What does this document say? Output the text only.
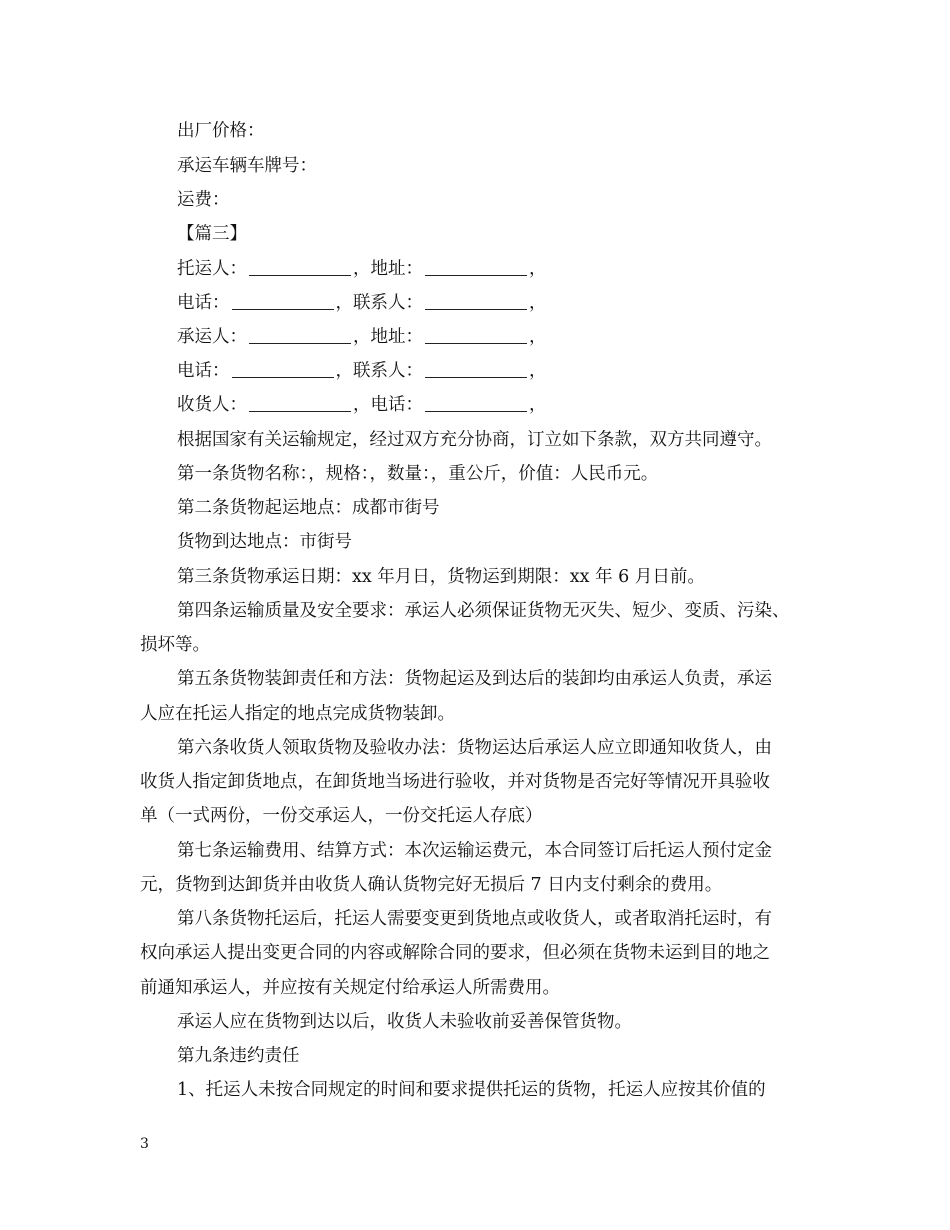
出厂价格：
承运车辆车牌号：
运费：
【篇三】
托运人：	，地址：	，
电话：	，联系人：	，
承运人：	，地址：	，
电话：	，联系人：	，
收货人：	，电话：	，
根据国家有关运输规定，经过双方充分协商，订立如下条款，双方共同遵守。
第一条货物名称：，规格：，数量：，重公斤，价值：人民币元。
第二条货物起运地点：成都市街号
货物到达地点：市街号
第三条货物承运日期：xx 年月日，货物运到期限：xx 年 6 月日前。
第四条运输质量及安全要求：承运人必须保证货物无灭失、短少、变质、污染、
损坏等。
第五条货物装卸责任和方法：货物起运及到达后的装卸均由承运人负责，承运
人应在托运人指定的地点完成货物装卸。
第六条收货人领取货物及验收办法：货物运达后承运人应立即通知收货人，由
收货人指定卸货地点，在卸货地当场进行验收，并对货物是否完好等情况开具验收
单（一式两份，一份交承运人，一份交托运人存底）
第七条运输费用、结算方式：本次运输运费元，本合同签订后托运人预付定金
元，货物到达卸货并由收货人确认货物完好无损后 7 日内支付剩余的费用。
第八条货物托运后，托运人需要变更到货地点或收货人，或者取消托运时，有
权向承运人提出变更合同的内容或解除合同的要求，但必须在货物未运到目的地之
前通知承运人，并应按有关规定付给承运人所需费用。
承运人应在货物到达以后，收货人未验收前妥善保管货物。
第九条违约责任
1、托运人未按合同规定的时间和要求提供托运的货物，托运人应按其价值的
3
